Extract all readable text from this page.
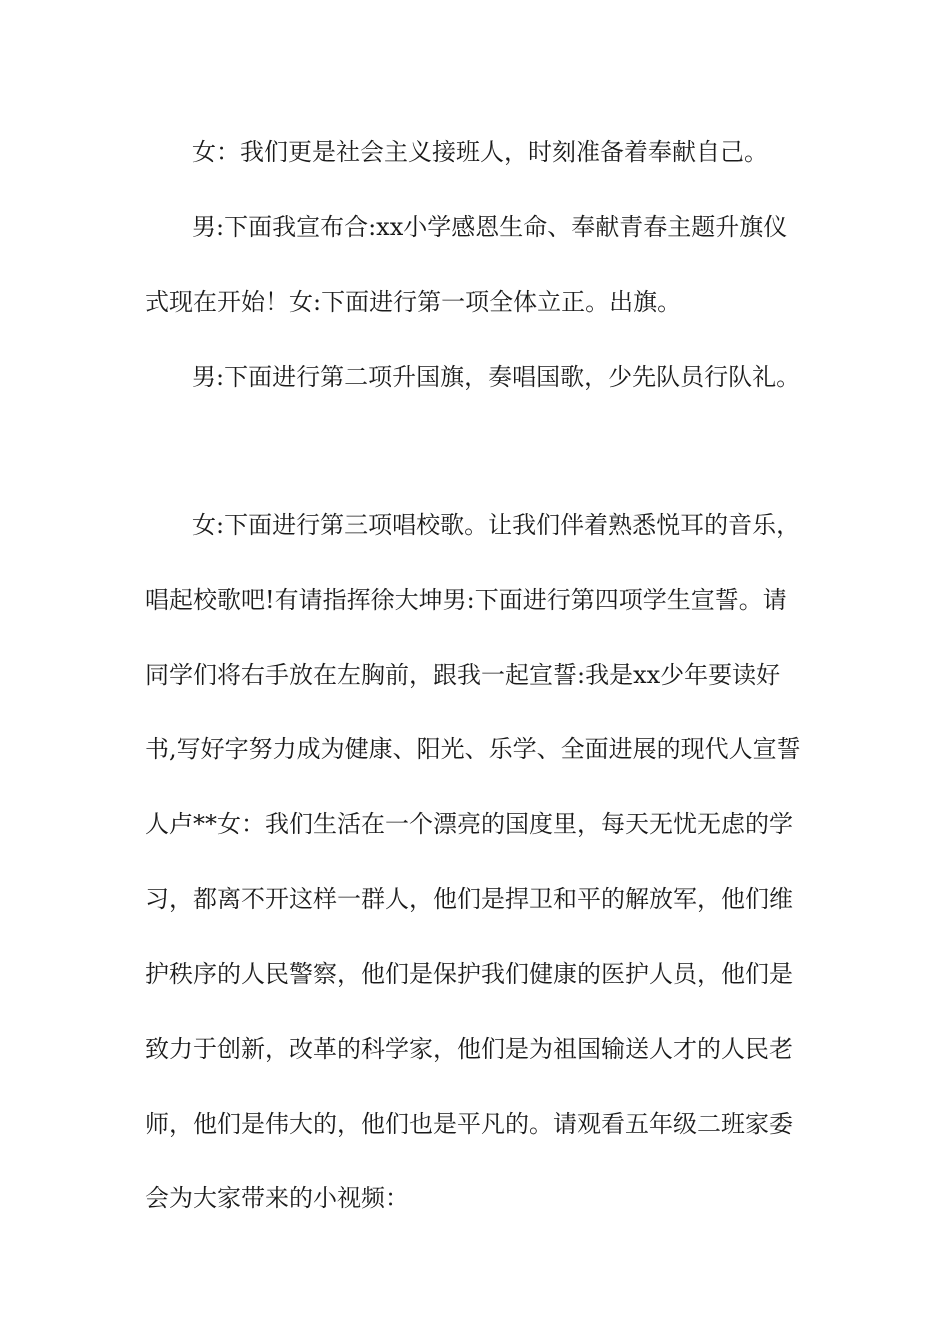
女：我们更是社会主义接班人，时刻准备着奉献自己。
男:下面我宣布合:xx小学感恩生命、奉献青春主题升旗仪
式现在开始！女:下面进行第一项全体立正。出旗。
男:下面进行第二项升国旗，奏唱国歌，少先队员行队礼。
女:下面进行第三项唱校歌。让我们伴着熟悉悦耳的音乐，
唱起校歌吧!有请指挥徐大坤男:下面进行第四项学生宣誓。请
同学们将右手放在左胸前，跟我一起宣誓:我是xx少年要读好
书,写好字努力成为健康、阳光、乐学、全面进展的现代人宣誓
人卢**女：我们生活在一个漂亮的国度里，每天无忧无虑的学
习，都离不开这样一群人，他们是捍卫和平的解放军，他们维
护秩序的人民警察，他们是保护我们健康的医护人员，他们是
致力于创新，改革的科学家，他们是为祖国输送人才的人民老
师，他们是伟大的，他们也是平凡的。请观看五年级二班家委
会为大家带来的小视频：
